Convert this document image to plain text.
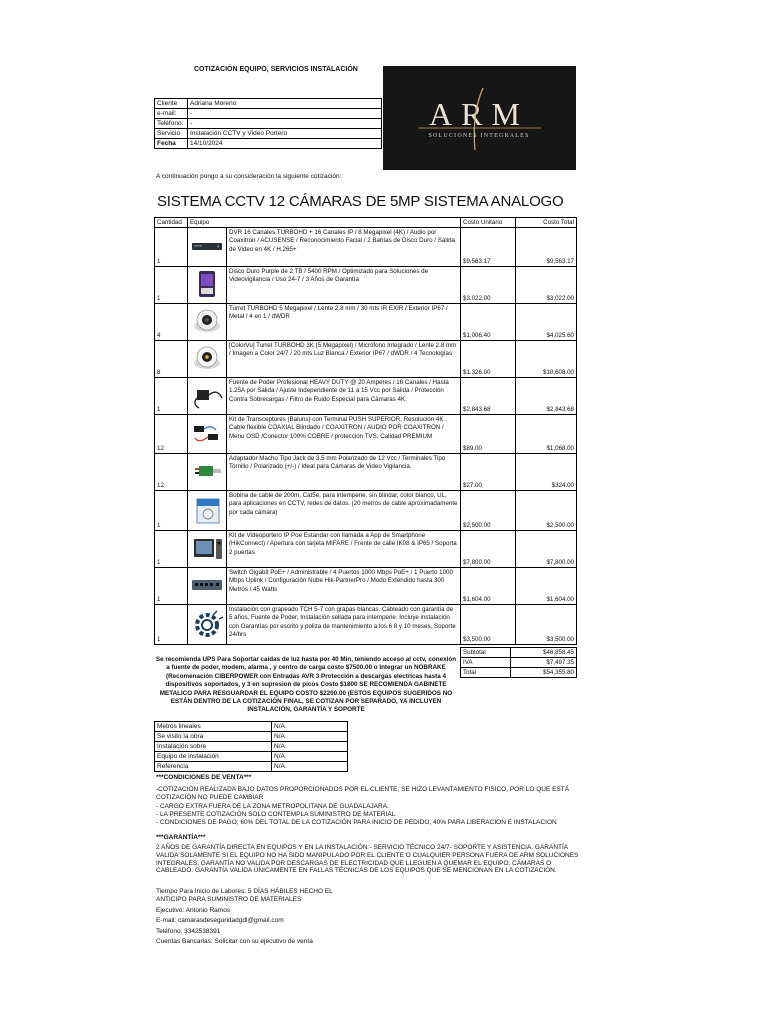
COTIZACIÓN EQUIPO, SERVICIOS INSTALACIÓN
Cliente	Adriana Moreno
e-mail:	-
Teléfono:	-
Servicio	Instalación CCTV y Video Portero
Fecha	14/10/2024
ARM
SOLUCIONES INTEGRALES
A continuación pongo a su consideración la siguiente cotización:
SISTEMA CCTV 12 CÁMARAS DE 5MP SISTEMA ANALOGO
Cantidad	Equipo		Costo Unitario	Costo Total
1		DVR 16 Canales TURBOHD + 16 Canales IP / 8 Megapixel (4K) / Audio por Coaxitron / ACUSENSE / Reconocimiento Facial / 2 Bahías de Disco Duro / Salida de Video en 4K / H.265+	$9,563.17	$9,563.17
1		Disco Duro Purple de 2 TB / 5400 RPM / Optimizado para Soluciones de Videovigilancia / Uso 24-7 / 3 Años de Garantía	$3,022.00	$3,022.00
4		Turret TURBOHD 5 Megapixel / Lente 2.8 mm / 30 mts IR EXIR / Exterior IP67 / Metal / 4 en 1 / dWDR	$1,006.40	$4,025.60
8		[ColorVu] Turret TURBOHD 3K (5 Megapixel) / Micrófono Integrado / Lente 2.8 mm / Imagen a Color 24/7 / 20 mts Luz Blanca / Exterior IP67 / dWDR / 4 Tecnologías	$1,326.00	$10,608.00
1		Fuente de Poder Profesional HEAVY DUTY @ 20 Amperes / 16 Canales / Hasta 1.25A por Salida / Ajuste Independiente de 11 a 15 Vcc por Salida / Protección Contra Sobrecargas / Filtro de Ruido Especial para Cámaras 4K.	$2,843.68	$2,843.68
12		Kit de Transceptores (Baluns) con Terminal PUSH SUPERIOR. Resolución 4K . Cable flexible COAXIAL Blindado / COAXITRON / AUDIO POR COAXITRON / Menu OSD /Conector 100% COBRE / protección TVS, Calidad PREMIUM	$89.00	$1,068.00
12		Adaptador Macho Tipo Jack de 3.5 mm Polarizado de 12 Vcc / Terminales Tipo Tornillo / Polarizado (+/-) / Ideal para Cámaras de Video Vigilancia.	$27.00	$324.00
1		Bobina de cable de 200m, Cat5e, para intemperie, sin blindar, color blanco, UL, para aplicaciones en CCTV, redes de datos. (20 metros de cable aproximadamente por cada cámara)	$2,500.00	$2,500.00
1		Kit de Videoportero IP Poe Estandar con llamada a App de Smartphone (HikConnect) / Apertura con tarjeta MIFARE / Frente de calle IK08 & IP65 / Soporta 2 puertas	$7,800.00	$7,800.00
1		Switch Gigabit PoE+ / Administrable / 4 Puertos 1000 Mbps PoE+ / 1 Puerto 1000 Mbps Uplink / Configuración Nube Hik-PartnerPro / Modo Extendido hasta 300 Metros / 45 Watts	$1,604.00	$1,604.00
1		Instalación con grapeado TCH 5-7 con grapas blancas. Cableado con garantía de 5 años, Fuente de Poder, Instalación sellada para intemperie. Incluye instalación con Garantías por escrito y poliza de mantenimiento a los 6 8 y 10 meses, Soporte 24/hrs	$3,500.00	$3,500.00
Subtotal	$46,858.45
IVA	$7,497.35
Total	$54,355.80
Se recomienda UPS Para Soportar caídas de luz hasta por 40 Min, teniendo acceso al cctv, conexión a fuente de poder, modem, alarma , y centro de carga costo $7500.00 o Integrar un NOBRAKE (Recomenación CIBERPOWER con Entradas AVR 3 Protección a descargas electricas hasta 4 dispositivos soportados, y 3 en supresion de picos Costo $1800 SE RECOMIENDA GABINETE METALICO PARA RESGUARDAR EL EQUIPO COSTO $2200.00 (ESTOS EQUIPOS SUGERIDOS NO ESTÁN DENTRO DE LA COTIZACIÓN FINAL, SE COTIZAN POR SEPARADO, YA INCLUYEN INSTALACIÓN, GARANTÍA Y SOPORTE
Metros lineales	N/A
Se visito la obra	N/A
Instalación sobre	N/A
Equipo de instalación	N/A
Referencia	N/A
***CONDICIONES DE VENTA***
-COTIZACIÓN REALIZADA BAJO DATOS PROPORCIONADOS POR EL CLIENTE; SE HIZO LEVANTAMIENTO FISICO, POR LO QUE ESTÁ COTIZACIÓN NO PUEDE CAMBIAR
- CARGO EXTRA FUERA DE LA ZONA METROPOLITANA DE GUADALAJARA.
- LA PRESENTE COTIZACIÓN SOLO CONTEMPLA SUMINISTRO DE MATERIAL
- CONDICIONES DE PAGO; 60% DEL TOTAL DE LA COTIZACIÓN PARA INICIO DE PEDIDO, 40% PARA LIBERACION E INSTALACION
***GARANTÍA***
2 AÑOS DE GARANTÍA DIRECTA EN EQUIPOS Y EN LA INSTALACIÓN - SERVICIO TÉCNICO 24/7- SOPORTE Y ASISTENCIA. GARANTÍA VALIDA SOLAMENTE SI EL EQUIPO NO HA SIDO MANIPULADO POR EL CLIENTE O CUALQUIER PERSONA FUERA DE ARM SOLUCIONES INTEGRALES, GARANTÍA NO VALIDA POR DESCARGAS DE ELECTRICIDAD QUE LLEGUEN A QUEMAR EL EQUIPO, CÁMARAS O CABLEADO. GARANTÍA VALIDA ÚNICAMENTE EN FALLAS TÉCNICAS DE LOS EQUIPOS QUE SE MENCIONAN EN LA COTIZACIÓN.
Tiempo Para Inicio de Labores: 5 DÍAS HÁBILES HECHO EL ANTICIPO PARA SUMINISTRO DE MATERIALES
Ejecutivo: Antonio Ramos
E-mail: camarasdeseguridadgdl@gmail.com
Teléfono: 3342538391
Cuentas Bancarias: Solicitar con su ejecutivo de venta
